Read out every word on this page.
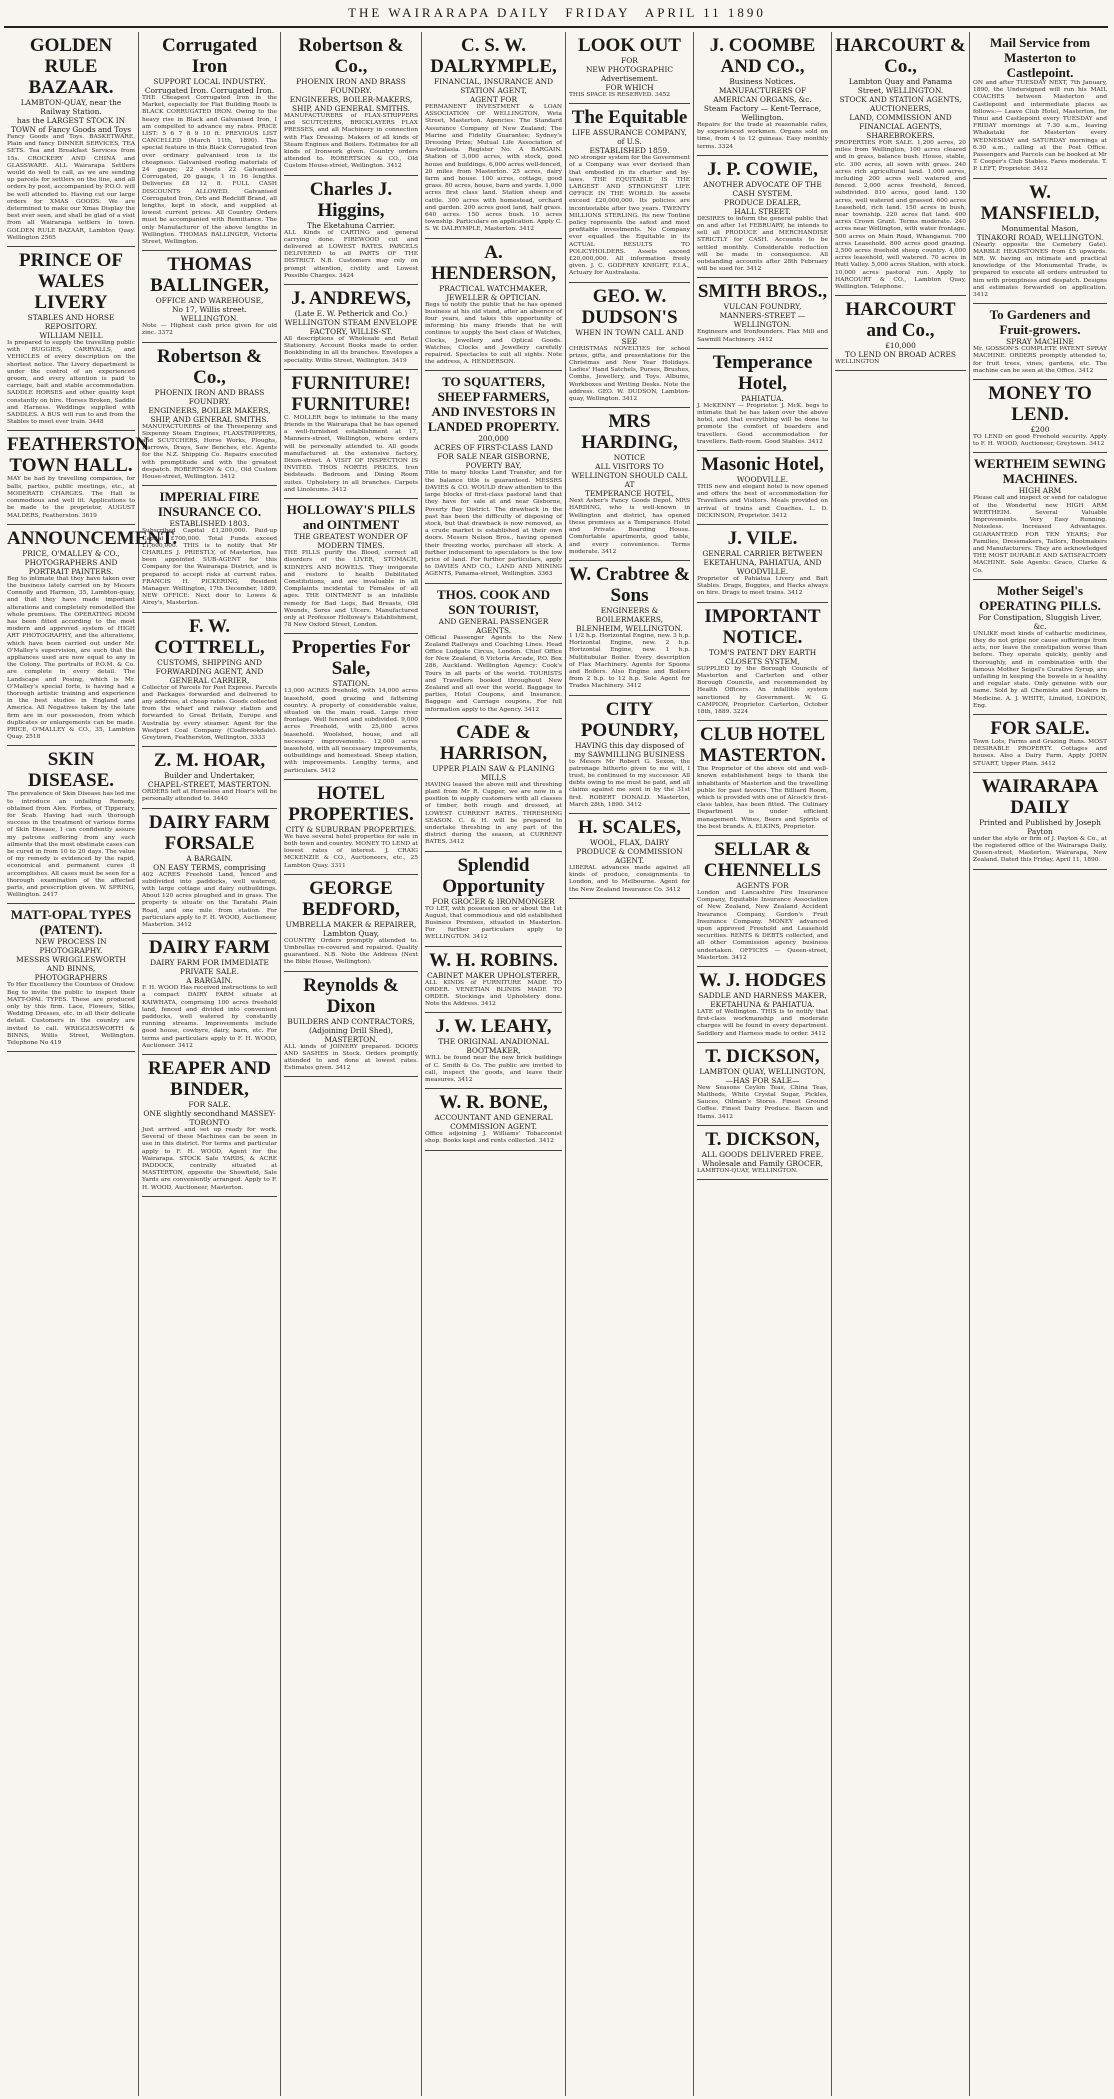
THE WAIRARAPA DAILY FRIDAY APRIL 11 1890
GOLDEN RULE BAZAAR.
LAMBTON-QUAY, near the Railway Station.
has the LARGEST STOCK IN TOWN of Fancy Goods and Toys
Fancy Goods and Toys. BASKETWARE. Plain and fancy DINNER SERVICES, TEA SETS. Tea and Breakfast Services from 15s. CROCKERY AND CHINA and GLASSWARE. ALL Wairarapa Settlers would do well to call, as we are sending up parcels for settlers on the line, and all orders by post, accompanied by P.O.O. will be well attended to. Having cut our large orders for XMAS GOODS: We are determined to make our Xmas Display the best ever seen, and shall be glad of a visit from all Wairarapa settlers in town. GOLDEN RULE BAZAAR, Lambton Quay. Wellington 2565
PRINCE OF WALES LIVERY
STABLES AND HORSE REPOSITORY.
WILLIAM NEILL
Is prepared to supply the travelling public with BUGGIES, CARRYALLS, and VEHICLES of every description on the shortest notice. The Livery department is under the control of an experienced groom, and every attention is paid to carriage, bait and stable accommodation. SADDLE HORSES and other quality kept constantly on hire. Horses Broken, Saddle and Harness. Weddings supplied with SADDLES. A BUS will run to and from the Stables to meet ever train. 3448
FEATHERSTON TOWN HALL.
MAY be had by travelling companies, for balls, parties, public meetings, etc., at MODERATE CHARGES. The Hall is commodious and well lit. Applications to be made to the proprietor, AUGUST MALDERS, Featherston. 3619
ANNOUNCEMENT.
PRICE, O'MALLEY & CO.,
PHOTOGRAPHERS AND PORTRAIT PAINTERS.
Beg to intimate that they have taken over the business lately carried on by Messrs Connolly and Harmon, 35, Lambton-quay, and that they have made important alterations and completely remodelled the whole premises. The OPERATING ROOM has been fitted according to the most modern and approved system of HIGH ART PHOTOGRAPHY, and the alterations, which have been carried out under Mr. O'Malley's supervision, are such that the appliances used are now equal to any in the Colony. The portraits of P.O.M. & Co. are complete in every detail. The Landscape and Posing, which is Mr. O'Malley's special forte, is having had a thorough artistic training and experience in the best studios in England and America. All Negatives taken by the late firm are in our possession, from which duplicates or enlargements can be made. PRICE, O'MALLEY & CO., 35, Lambton Quay. 2518
SKIN DISEASE.
The prevalence of Skin Disease has led me to introduce an unfailing Remedy, obtained from Alex. Forbes, of Tipperary, for Scab. Having had such thorough success in the treatment of various forms of Skin Disease, I can confidently assure my patrons suffering from any such ailments that the most obstinate cases can be cured in from 10 to 20 days. The value of my remedy is evidenced by the rapid, economical and permanent cures it accomplishes. All cases must be seen for a thorough examination of the affected parts, and prescription given. W. SPRING, Wellington. 2417
MATT-OPAL TYPES (PATENT).
NEW PROCESS IN PHOTOGRAPHY.
MESSRS WRIGGLESWORTH AND BINNS,
PHOTOGRAPHERS
To Her Excellency the Countess of Onslow. Beg to invite the public to inspect their MATT-OPAL TYPES. These are produced only by this firm. Lace, Flowers, Silks, Wedding Dresses, etc. in all their delicate detail. Customers in the country are invited to call. WRIGGLESWORTH & BINNS, Willis Street, Wellington. Telephone No 419
Corrugated Iron
SUPPORT LOCAL INDUSTRY.
Corrugated Iron. Corrugated Iron.
THE Cheapest Corrugated Iron in the Market, especially for Flat Building Roofs is BLACK CORRUGATED IRON. Owing to the heavy rise in Black and Galvanised Iron, I am compelled to advance my rates. PRICE LIST: 5 6 7 8 9 10 ft. PREVIOUS LIST CANCELLED (March 11th, 1890). The special feature in this Black Corrugated Iron over ordinary galvanised iron is its cheapness. Galvanised roofing materials of 24 gauge; 22 sheets 22 Galvanised Corrugated, 26 gauge, 1 in 16 lengths. Deliveries £8 12 8. FULL CASH DISCOUNTS ALLOWED. Galvanised Corrugated Iron, Orb and Redcliff Brand, all lengths, kept in stock, and supplied at lowest current prices. All Country Orders must be accompanied with Remittance. The only Manufacturer of the above lengths in Wellington. THOMAS BALLINGER, Victoria Street, Wellington.
THOMAS BALLINGER,
OFFICE AND WAREHOUSE,
No 17, Willis street.
WELLINGTON.
Note — Highest cash price given for old zinc. 3372
Robertson & Co.,
PHOENIX IRON AND BRASS FOUNDRY.
ENGINEERS, BOILER MAKERS, SHIP, AND GENERAL SMITHS.
MANUFACTURERS of the Threepenny and Sixpenny Steam Engines, FLAXSTRIPPERS, and SCUTCHERS, Horse Works, Ploughs, Harrows, Drays, Saw Benches, etc. Agents for the N.Z. Shipping Co. Repairs executed with promptitude and with the greatest despatch. ROBERTSON & CO., Old Custom House-street, Wellington. 3412
IMPERIAL FIRE INSURANCE CO.
ESTABLISHED 1803.
Subscribed Capital £1,200,000. Paid-up Capital £700,000. Total Funds exceed £1,600,000. THIS is to notify that Mr CHARLES J. PRIESTLY, of Masterton, has been appointed SUB-AGENT for this Company for the Wairarapa District, and is prepared to accept risks at current rates. FRANCIS H. PICKERING, Resident Manager. Wellington, 17th December, 1889. NEW OFFICE: Next door to Lowes & Airey's, Masterton.
F. W. COTTRELL,
CUSTOMS, SHIPPING AND FORWARDING AGENT, AND GENERAL CARRIER,
Collector of Parcels for Post Express. Parcels and Packages forwarded and delivered to any address, at cheap rates. Goods collected from the wharf and railway station and forwarded to Great Britain, Europe and Australia by every steamer. Agent for the Westport Coal Company (Coalbrookdale). Greytown, Featherston, Wellington. 3333
Z. M. HOAR,
Builder and Undertaker,
CHAPEL-STREET, MASTERTON.
ORDERS left at Horseless and Hoar's will be personally attended to. 3440
DAIRY FARM FORSALE
A BARGAIN.
ON EASY TERMS, comprising
402 ACRES Freehold Land, fenced and subdivided into paddocks, well watered, with large cottage and dairy outbuildings. About 120 acres ploughed and in grass. The property is situate on the Taratahi Plain Road, and one mile from station. For particulars apply to F. H. WOOD, Auctioneer, Masterton. 3412
DAIRY FARM
DAIRY FARM FOR IMMEDIATE PRIVATE SALE.
A BARGAIN.
F. H. WOOD Has received instructions to sell a compact DAIRY FARM situate at KAIWHATA, comprising 100 acres freehold land, fenced and divided into convenient paddocks, well watered by constantly running streams. Improvements include good house, cowbyre, dairy, barn, etc. For terms and particulars apply to F. H. WOOD, Auctioneer. 3412
REAPER AND BINDER,
FOR SALE.
ONE slightly secondhand MASSEY-TORONTO
Just arrived and set up ready for work. Several of these Machines can be seen in use in this district. For terms and particular apply to F. H. WOOD, Agent for the Wairarapa. STOCK Sale YARDS, & ACRE PADDOCK, centrally situated at MASTERTON, opposite the Showfield, Sale Yards are conveniently arranged. Apply to F. H. WOOD, Auctioneer, Masterton.
Robertson & Co.,
PHOENIX IRON AND BRASS FOUNDRY.
ENGINEERS, BOILER-MAKERS, SHIP, AND GENERAL SMITHS.
MANUFACTURERS of FLAX-STRIPPERS and SCUTCHERS, BRICKLAYERS FLAX PRESSES, and all Machinery in connection with Flax Dressing. Makers of all kinds of Steam Engines and Boilers. Estimates for all kinds of Ironwork given. Country orders attended to. ROBERTSON & CO., Old Custom House-street, Wellington. 3412
Charles J. Higgins,
The Eketahuna Carrier.
ALL Kinds of CARTING and general carrying done. FIREWOOD cut and delivered at LOWEST RATES. PARCELS DELIVERED to all PARTS OF THE DISTRICT. N.B. Customers may rely on prompt attention, civility and Lowest Possible Charges. 3424
J. ANDREWS,
(Late E. W. Petherick and Co.)
WELLINGTON STEAM ENVELOPE FACTORY, WILLIS-ST.
All descriptions of Wholesale and Retail Stationery. Account Books made to order. Bookbinding in all its branches. Envelopes a speciality. Willis Street, Wellington. 3419
FURNITURE! FURNITURE!
C. MOLLER begs to intimate to the many friends in the Wairarapa that he has opened a well-furnished establishment at 17, Manners-street, Wellington, where orders will be personally attended to. All goods manufactured at the extensive factory, Dixon-street. A VISIT OF INSPECTION IS INVITED. THOS NORTH PRICES. Iron bedsteads. Bedroom and Dining Room suites. Upholstery in all branches. Carpets and Linoleums. 3412
HOLLOWAY'S PILLS and OINTMENT
THE GREATEST WONDER OF MODERN TIMES.
THE PILLS purify the Blood, correct all disorders of the LIVER, STOMACH, KIDNEYS AND BOWELS. They invigorate and restore to health Debilitated Constitutions, and are invaluable in all Complaints incidental to Females of all ages. THE OINTMENT is an infallible remedy for Bad Legs, Bad Breasts, Old Wounds, Sores and Ulcers. Manufactured only at Professor Holloway's Establishment, 78 New Oxford Street, London.
Properties For Sale,
STATION.
13,000 ACRES freehold, with 14,000 acres leasehold, good grazing and fattening country. A property of considerable value, situated on the main road. Large river frontage. Well fenced and subdivided. 9,000 acres Freehold, with 25,000 acres leasehold. Woolshed, house, and all necessary improvements. 12,000 acres leasehold, with all necessary improvements, outbuildings and homestead. Sheep station, with improvements. Lengthy terms, and particulars. 3412
HOTEL PROPERTIES.
CITY & SUBURBAN PROPERTIES.
We have several hotel properties for sale in both town and country. MONEY TO LEND at lowest rates of interest. J. CRAIG MCKENZIE & CO., Auctioneers, etc., 25 Lambton Quay. 3311
GEORGE BEDFORD,
UMBRELLA MAKER & REPAIRER,
Lambton Quay,
COUNTRY Orders promptly attended to. Umbrellas re-covered and repaired. Quality guaranteed. N.B. Note the Address (Next the Bible House, Wellington).
Reynolds & Dixon
BUILDERS AND CONTRACTORS,
(Adjoining Drill Shed),
MASTERTON.
ALL kinds of JOINERY prepared. DOORS AND SASHES in Stock. Orders promptly attended to and done at lowest rates. Estimates given. 3412
C. S. W. DALRYMPLE,
FINANCIAL, INSURANCE AND STATION AGENT,
AGENT FOR
PERMANENT INVESTMENT & LOAN ASSOCIATION OF WELLINGTON, Weta Street, Masterton. Agencies: The Standard Assurance Company of New Zealand; The Marine and Fidelity Guarantee; Sydney's Dressing Prize; Mutual Life Association of Australasia. Register No. A BARGAIN. Station of 3,000 acres, with stock, good house and buildings. 6,000 acres well-fenced, 20 miles from Masterton. 25 acres, dairy farm and house. 100 acres, cottage, good grass. 80 acres, house, barn and yards. 1,000 acres first class land. Station sheep and cattle. 300 acres with homestead, orchard and garden. 200 acres good land, half grass. 640 acres. 150 acres bush. 10 acres township. Particulars on application. Apply C. S. W. DALRYMPLE, Masterton. 3412
A. HENDERSON,
PRACTICAL WATCHMAKER, JEWELLER & OPTICIAN.
Begs to notify the public that he has opened business at his old stand, after an absence of four years, and takes this opportunity of informing his many friends that he will continue to supply the best class of Watches, Clocks, Jewellery and Optical Goods. Watches, Clocks and Jewellery carefully repaired. Spectacles to suit all sights. Note the address, A. HENDERSON.
TO SQUATTERS, SHEEP FARMERS, AND INVESTORS IN LANDED PROPERTY.
200,000
ACRES OF FIRST-CLASS LAND FOR SALE NEAR GISBORNE, POVERTY BAY,
Title to many blocks Land Transfer, and for the balance title is guaranteed. MESSRS DAVIES & CO. WOULD draw attention to the large blocks of first-class pastoral land that they have for sale at and near Gisborne, Poverty Bay District. The drawback in the past has been the difficulty of disposing of stock, but that drawback is now removed, as a crude market is established at their own doors. Messrs Nelson Bros., having opened their freezing works, purchase all stock. A further inducement to speculators is the low price of land. For further particulars, apply to DAVIES AND CO., LAND AND MINING AGENTS, Panama-street, Wellington. 3363
THOS. COOK AND SON TOURIST,
AND GENERAL PASSENGER AGENTS.
Official Passenger Agents to the New Zealand Railways and Coaching Lines. Head Office Ludgate Circus, London. Chief Office for New Zealand, 6 Victoria Arcade, P.O. Box 286, Auckland. Wellington Agency: Cook's Tours in all parts of the world. TOURISTS and Travellers booked throughout New Zealand and all over the world. Baggage to parties, Hotel Coupons, and Insurance. Baggage and Carriage coupons. For full information apply to the Agency. 3412
CADE & HARRISON,
UPPER PLAIN SAW & PLANING MILLS
HAVING leased the above mill and threshing plant from Mr R. Cupper, we are now in a position to supply customers with all classes of timber, both rough and dressed, at LOWEST CURRENT RATES. THRESHING SEASON. C. & H. will be prepared to undertake threshing in any part of the district during the season, at CURRENT RATES. 3412
Splendid Opportunity
FOR GROCER & IRONMONGER
TO LET, with possession on or about the 1st August, that commodious and old established Business Premises, situated in Masterton. For further particulars apply to WELLINGTON. 3412
W. H. ROBINS.
CABINET MAKER UPHOLSTERER,
ALL KINDS of FURNITURE MADE TO ORDER. VENETIAN BLINDS MADE TO ORDER. Stockings and Upholstery done. Note the Address. 3412
J. W. LEAHY,
THE ORIGINAL ANADIONAL BOOTMAKER,
WILL be found near the new brick buildings of C. Smith & Co. The public are invited to call, inspect the goods, and leave their measures. 3412
W. R. BONE,
ACCOUNTANT AND GENERAL COMMISSION AGENT.
Office adjoining J. Williams' Tobacconist shop. Books kept and rents collected. 3412
LOOK OUT
FOR
NEW PHOTOGRAPHIC Advertisement.
FOR WHICH
THIS SPACE IS RESERVED. 3452
The Equitable
LIFE ASSURANCE COMPANY, of U.S.
ESTABLISHED 1859.
NO stronger system for the Government of a Company was ever devised than that embodied in its charter and by-laws. THE EQUITABLE IS THE LARGEST AND STRONGEST LIFE OFFICE IN THE WORLD. Its assets exceed £20,000,000. Its policies are incontestable after two years. TWENTY MILLIONS STERLING. Its new Tontine policy represents the safest and most profitable investments. No Company ever equalled the Equitable in its ACTUAL RESULTS TO POLICYHOLDERS. Assets exceed £20,000,000. All information freely given. J. C. GODFREY KNIGHT, F.I.A., Actuary for Australasia.
GEO. W. DUDSON'S
WHEN IN TOWN CALL AND SEE
CHRISTMAS NOVELTIES for school prizes, gifts, and presentations for the Christmas and New Year Holidays. Ladies' Hand Satchels, Purses, Brushes, Combs, Jewellery, and Toys. Albums, Workboxes and Writing Desks. Note the address. GEO. W. DUDSON, Lambton-quay, Wellington. 3412
MRS HARDING,
NOTICE
ALL VISITORS TO WELLINGTON SHOULD CALL AT
TEMPERANCE HOTEL,
Next Asher's Fancy Goods Depot. MRS HARDING, who is well-known in Wellington and district, has opened these premises as a Temperance Hotel and Private Boarding House. Comfortable apartments, good table, and every convenience. Terms moderate. 3412
W. Crabtree & Sons
ENGINEERS & BOILERMAKERS,
BLENHEIM, WELLINGTON.
1 1/2 h.p. Horizontal Engine, new. 3 h.p. Horizontal Engine, new. 2 h.p. Horizontal Engine, new. 1 h.p. Multitubular Boiler. Every description of Flax Machinery. Agents for Spoons and Boilers. Also Engine and Boilers from 2 h.p. to 12 h.p. Sole Agent for Trades Machinery. 3412
CITY POUNDRY,
HAVING this day disposed of my SAWMILLING BUSINESS
to Messrs Mr Robert G. Sexon, the patronage hitherto given to me will, I trust, be continued to my successor. All debts owing to me must be paid, and all claims against me sent in by the 31st first. ROBERT DONALD. Masterton, March 28th, 1890. 3412
H. SCALES,
WOOL, FLAX, DAIRY PRODUCE & COMMISSION AGENT.
LIBERAL advances made against all kinds of produce, consignments to London, and to Melbourne. Agent for the New Zealand Insurance Co. 3412
J. COOMBE AND CO.,
Business Notices.
MANUFACTURERS OF AMERICAN ORGANS, &c.
Steam Factory — Kent-Terrace, Wellington.
Repairs for the trade at reasonable rates, by experienced workmen. Organs sold on time, from 4 to 12 guineas. Easy monthly terms. 3324
J. P. COWIE,
ANOTHER ADVOCATE OF THE CASH SYSTEM.
PRODUCE DEALER,
HALL STREET.
DESIRES to inform the general public that on and after 1st FEBRUARY, he intends to sell all PRODUCE and MERCHANDISE STRICTLY for CASH. Accounts to be settled monthly. Considerable reduction will be made in consequence. All outstanding accounts after 28th February will be sued for. 3412
SMITH BROS.,
VULCAN FOUNDRY,
MANNERS-STREET — WELLINGTON.
Engineers and Ironfounders. Flax Mill and Sawmill Machinery. 3412
Temperance Hotel,
PAHIATUA.
J. McKENNY — Proprietor. J. McK. begs to intimate that he has taken over the above hotel, and that everything will be done to promote the comfort of boarders and travellers. Good accommodation for travellers. Bath-room. Good Stables. 3412
Masonic Hotel,
WOODVILLE.
THIS new and elegant hotel is now opened and offers the best of accommodation for Travellers and Visitors. Meals provided on arrival of trains and Coaches. L. D. DICKINSON, Proprietor. 3412
J. VILE.
GENERAL CARRIER BETWEEN EKETAHUNA, PAHIATUA, AND WOODVILLE.
Proprietor of Pahiatua Livery and Bait Stables. Drags, Buggies, and Hacks always on hire. Drags to meet trains. 3412
IMPORTANT NOTICE.
TOM'S PATENT DRY EARTH CLOSETS SYSTEM,
SUPPLIED by the Borough Councils of Masterton and Carterton and other Borough Councils, and recommended by Health Officers. An infallible system sanctioned by Government. W. G. CAMPION, Proprietor. Carterton, October 18th, 1889. 3224
CLUB HOTEL MASTERTON.
The Proprietor of the above old and well-known establishment begs to thank the inhabitants of Masterton and the travelling public for past favours. The Billiard Room, which is provided with one of Alcock's first-class tables, has been fitted. The Culinary Department is under efficient management. Wines, Beers and Spirits of the best brands. A. ELKINS, Proprietor.
SELLAR & CHENNELLS
AGENTS FOR
London and Lancashire Fire Insurance Company, Equitable Insurance Association of New Zealand, New Zealand Accident Insurance Company, Gordon's Fruit Insurance Company. MONEY advanced upon approved Freehold and Leasehold securities. RENTS & DEBTS collected, and all other Commission agency business undertaken. OFFICES — Queen-street, Masterton. 3412
W. J. HODGES
SADDLE AND HARNESS MAKER, EKETAHUNA & PAHIATUA.
LATE of Wellington. THIS is to notify that first-class workmanship and moderate charges will be found in every department. Saddlery and Harness made to order. 3412
T. DICKSON,
LAMBTON QUAY, WELLINGTON,
—HAS FOR SALE—
New Seasons Ceylon Teas, China Teas, Maltheds, White Crystal Sugar, Pickles, Sauces, Oilman's Stores. Finest Ground Coffee. Finest Dairy Produce. Bacon and Hams. 3412
T. DICKSON,
ALL GOODS DELIVERED FREE.
Wholesale and Family GROCER,
LAMBTON-QUAY, WELLINGTON.
HARCOURT & Co.,
Lambton Quay and Panama Street, WELLINGTON.
STOCK AND STATION AGENTS, AUCTIONEERS,
LAND, COMMISSION AND FINANCIAL AGENTS, SHAREBROKERS.
PROPERTIES FOR SALE. 1,200 acres, 20 miles from Wellington, 100 acres cleared and in grass, balance bush. House, stable, etc. 300 acres, all sown with grass. 240 acres rich agricultural land. 1,000 acres, including 200 acres well watered and fenced. 2,000 acres freehold, fenced, subdivided. 810 acres, good land. 130 acres, well watered and grassed. 600 acres Leasehold, rich land. 150 acres in bush, near township. 220 acres flat land. 400 acres Crown Grant. Terms moderate. 240 acres near Wellington, with water frontage. 500 acres on Main Road, Whanganui. 700 acres Leasehold. 800 acres good grazing. 2,500 acres freehold sheep country. 4,000 acres leasehold, well watered. 70 acres in Hutt Valley. 5,000 acres Station, with stock. 10,000 acres pastoral run. Apply to HARCOURT & CO., Lambton Quay, Wellington. Telephone.
HARCOURT and Co.,
£10,000
TO LEND ON BROAD ACRES
WELLINGTON
Mail Service from Masterton to Castlepoint.
ON and after TUESDAY NEXT, 7th January, 1890, the Undersigned will run his MAIL COACHES between Masterton and Castlepoint and intermediate places as follows:— Leave Club Hotel, Masterton, for Tinui and Castlepoint every TUESDAY and FRIDAY mornings at 7.30 a.m., leaving Whakataki for Masterton every WEDNESDAY and SATURDAY mornings at 6.30 a.m., calling at the Post Office. Passengers and Parcels can be booked at Mr T. Cooper's Club Stables. Fares moderate. T. P. LEFT, Proprietor. 3412
W. MANSFIELD,
Monumental Mason,
TINAKORI ROAD, WELLINGTON.
(Nearly opposite the Cemetery Gate). MARBLE HEADSTONES from £5 upwards. MR. W. having an intimate and practical knowledge of the Monumental Trade, is prepared to execute all orders entrusted to him with promptness and despatch. Designs and estimates forwarded on application. 3412
To Gardeners and Fruit-growers.
SPRAY MACHINE
Mr. GOSSON'S COMPLETE PATENT SPRAY MACHINE. ORDERS promptly attended to, for fruit trees, vines, gardens, etc. The machine can be seen at the Office. 3412
MONEY TO LEND.
£200
TO LEND on good Freehold security. Apply to F. H. WOOD, Auctioneer, Greytown. 3412
WERTHEIM SEWING MACHINES.
HIGH ARM
Please call and inspect or send for catalogue of the Wonderful new HIGH ARM WERTHEIM. Several Valuable Improvements. Very Easy Running. Noiseless. Increased Advantages. GUARANTEED FOR TEN YEARS; For Families, Dressmakers, Tailors, Bootmakers and Manufacturers. They are acknowledged THE MOST DURABLE AND SATISFACTORY MACHINE. Sole Agents: Graco, Clarke & Co.
Mother Seigel's OPERATING PILLS.
For Constipation, Sluggish Liver, &c.
UNLIKE most kinds of cathartic medicines, they do not gripe nor cause sufferings from acts, nor leave the constipation worse than before. They operate quickly, gently and thoroughly, and in combination with the famous Mother Seigel's Curative Syrup, are unfailing in keeping the bowels in a healthy and regular state. Only genuine with our name. Sold by all Chemists and Dealers in Medicine. A. J. WHITE, Limited, LONDON, Eng.
FOR SALE.
Town Lots, Farms and Grazing Runs. MOST DESIRABLE PROPERTY. Cottages and houses. Also a Dairy Farm. Apply JOHN STUART, Upper Plain. 3412
WAIRARAPA DAILY
Printed and Published by Joseph Payton
under the style or firm of J. Payton & Co., at the registered office of the Wairarapa Daily, Queen-street, Masterton, Wairarapa, New Zealand. Dated this Friday, April 11, 1890.
